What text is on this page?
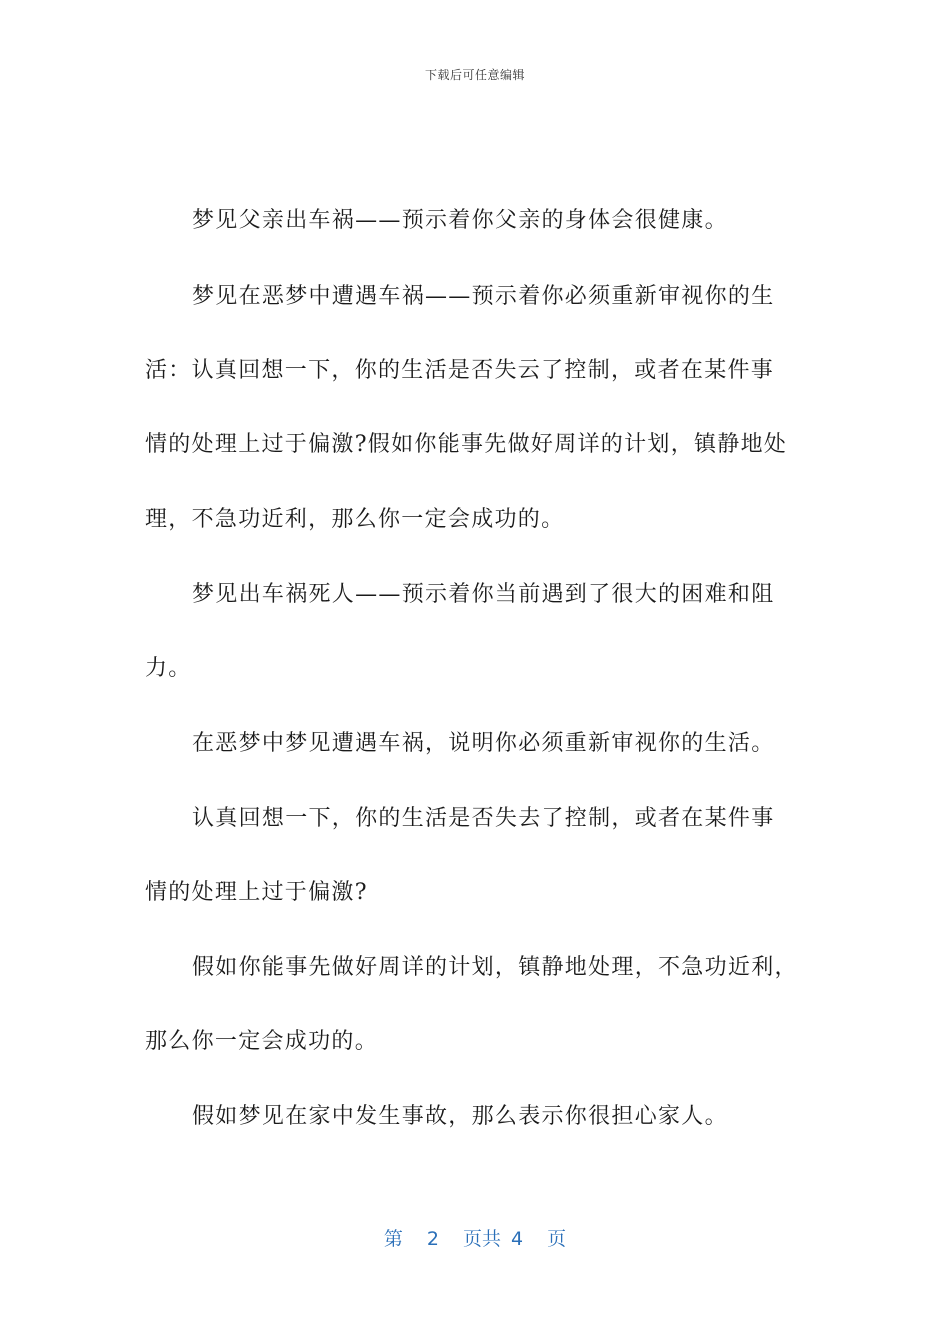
下载后可任意编辑
梦见父亲出车祸——预示着你父亲的身体会很健康。
梦见在恶梦中遭遇车祸——预示着你必须重新审视你的生
活：认真回想一下，你的生活是否失云了控制，或者在某件事
情的处理上过于偏激?假如你能事先做好周详的计划，镇静地处
理，不急功近利，那么你一定会成功的。
梦见出车祸死人——预示着你当前遇到了很大的困难和阻
力。
在恶梦中梦见遭遇车祸，说明你必须重新审视你的生活。
认真回想一下，你的生活是否失去了控制，或者在某件事
情的处理上过于偏激?
假如你能事先做好周详的计划，镇静地处理，不急功近利，
那么你一定会成功的。
假如梦见在家中发生事故，那么表示你很担心家人。
第 2 页共 4 页
